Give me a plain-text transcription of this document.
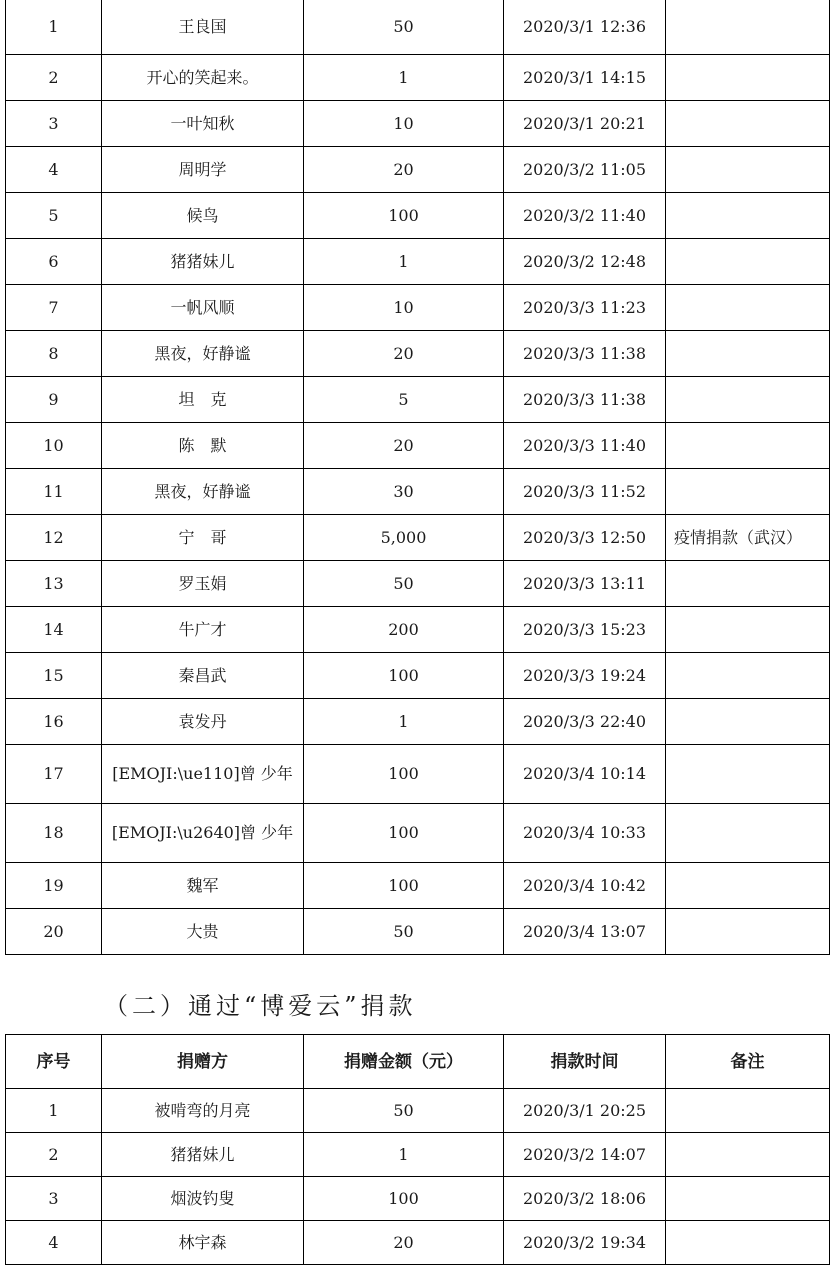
1	王良国	50	2020/3/1 12:36	
2	开心的笑起来。	1	2020/3/1 14:15	
3	一叶知秋	10	2020/3/1 20:21	
4	周明学	20	2020/3/2 11:05	
5	候鸟	100	2020/3/2 11:40	
6	猪猪妹儿	1	2020/3/2 12:48	
7	一帆风顺	10	2020/3/3 11:23	
8	黑夜，好静谧	20	2020/3/3 11:38	
9	坦　克	5	2020/3/3 11:38	
10	陈　默	20	2020/3/3 11:40	
11	黑夜，好静谧	30	2020/3/3 11:52	
12	宁　哥	5,000	2020/3/3 12:50	疫情捐款（武汉）
13	罗玉娟	50	2020/3/3 13:11	
14	牛广才	200	2020/3/3 15:23	
15	秦昌武	100	2020/3/3 19:24	
16	袁发丹	1	2020/3/3 22:40	
17	[EMOJI:\ue110]曾 少年	100	2020/3/4 10:14	
18	[EMOJI:\u2640]曾 少年	100	2020/3/4 10:33	
19	魏军	100	2020/3/4 10:42	
20	大贵	50	2020/3/4 13:07	
（二）通过“博爱云”捐款
序号	捐赠方	捐赠金额（元）	捐款时间	备注
1	被啃弯的月亮	50	2020/3/1 20:25	
2	猪猪妹儿	1	2020/3/2 14:07	
3	烟波钓叟	100	2020/3/2 18:06	
4	林宇森	20	2020/3/2 19:34	
